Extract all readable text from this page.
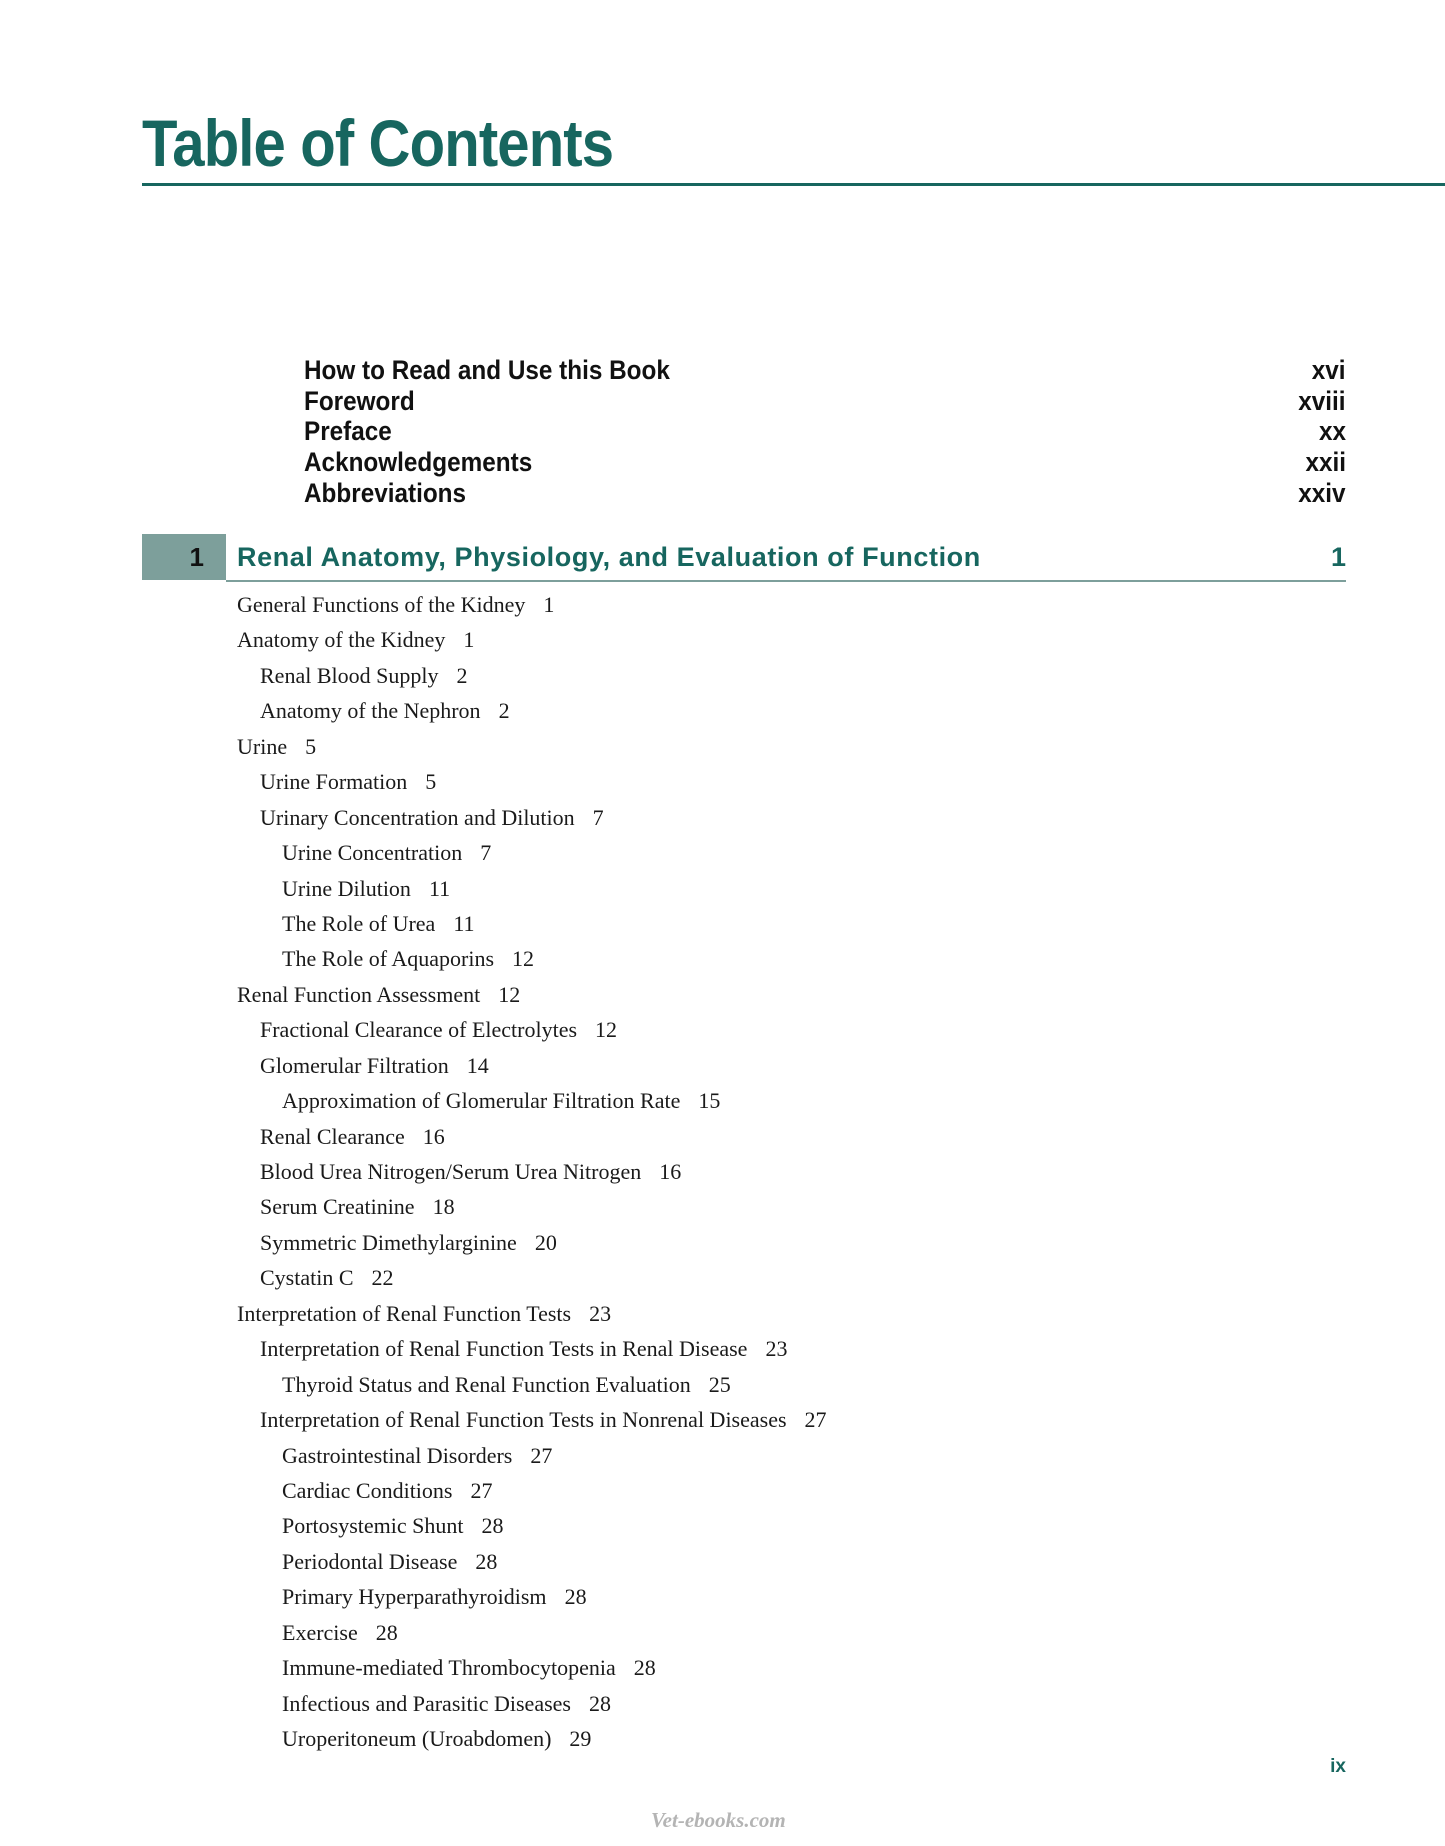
Table of Contents
How to Read and Use this Book	xvi
Foreword	xviii
Preface	xx
Acknowledgements	xxii
Abbreviations	xxiv
1	Renal Anatomy, Physiology, and Evaluation of Function	1
General Functions of the Kidney 1
Anatomy of the Kidney 1
Renal Blood Supply 2
Anatomy of the Nephron 2
Urine 5
Urine Formation 5
Urinary Concentration and Dilution 7
Urine Concentration 7
Urine Dilution 11
The Role of Urea 11
The Role of Aquaporins 12
Renal Function Assessment 12
Fractional Clearance of Electrolytes 12
Glomerular Filtration 14
Approximation of Glomerular Filtration Rate 15
Renal Clearance 16
Blood Urea Nitrogen/Serum Urea Nitrogen 16
Serum Creatinine 18
Symmetric Dimethylarginine 20
Cystatin C 22
Interpretation of Renal Function Tests 23
Interpretation of Renal Function Tests in Renal Disease 23
Thyroid Status and Renal Function Evaluation 25
Interpretation of Renal Function Tests in Nonrenal Diseases 27
Gastrointestinal Disorders 27
Cardiac Conditions 27
Portosystemic Shunt 28
Periodontal Disease 28
Primary Hyperparathyroidism 28
Exercise 28
Immune-mediated Thrombocytopenia 28
Infectious and Parasitic Diseases 28
Uroperitoneum (Uroabdomen) 29
ix
Vet-ebooks.com
